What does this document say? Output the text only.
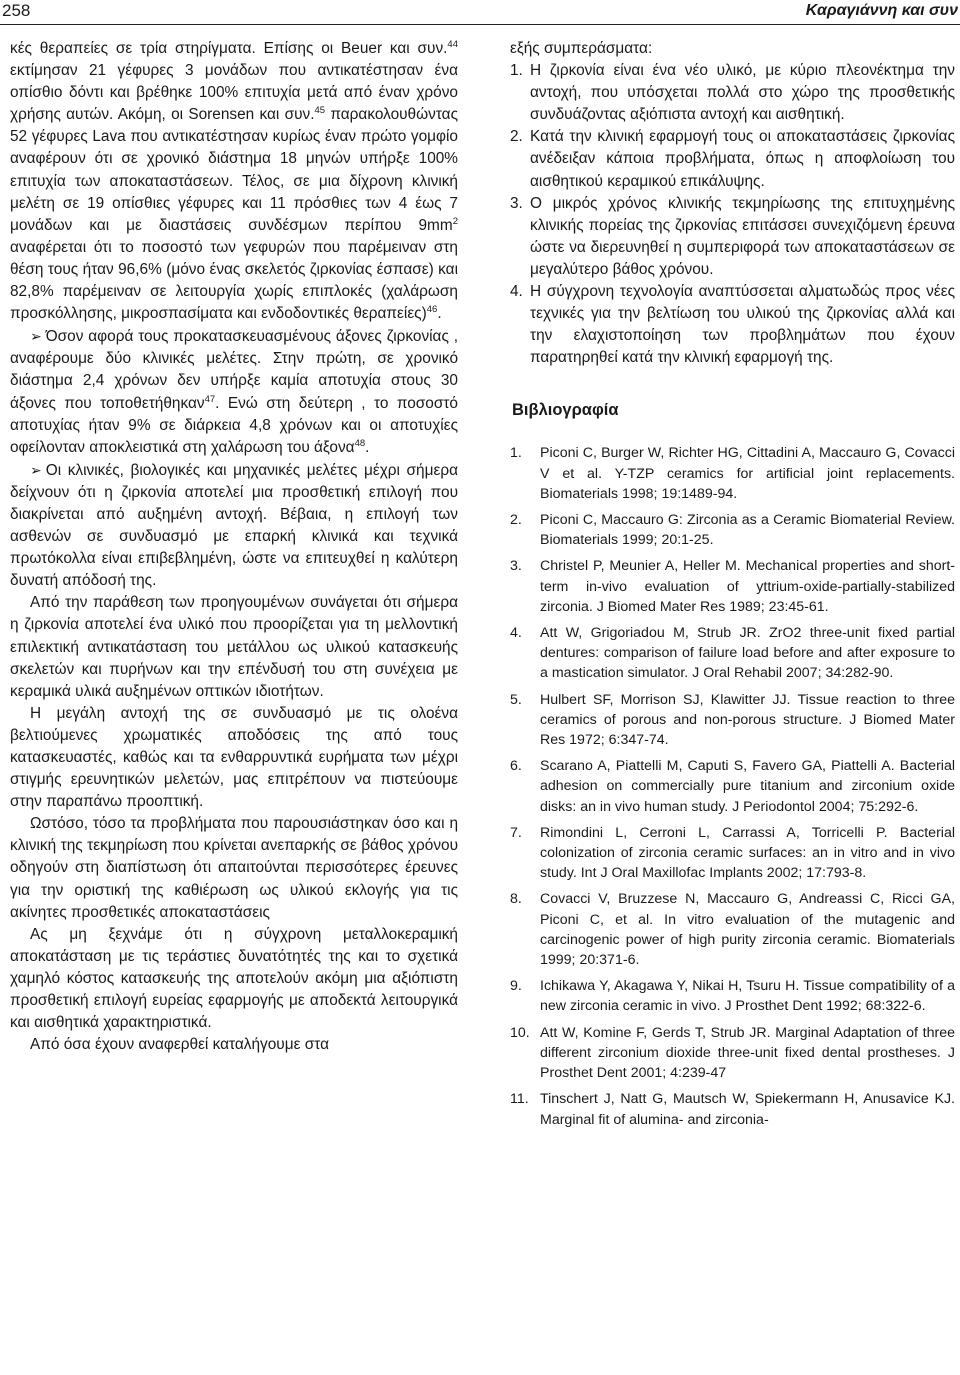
258	Καραγιάννη και συν

κές θεραπείες σε τρία στηρίγματα. Επίσης οι Beuer και συν.$^{44}$ εκτίμησαν 21 γέφυρες 3 μονάδων που αντικατέστησαν ένα οπίσθιο δόντι και βρέθηκε 100% επιτυχία μετά από έναν χρόνο χρήσης αυτών. Ακόμη, οι Sorensen και συν.$^{45}$ παρακολουθώντας 52 γέφυρες Lava που αντικατέστησαν κυρίως έναν πρώτο γομφίο αναφέρουν ότι σε χρονικό διάστημα 18 μηνών υπήρξε 100% επιτυχία των αποκαταστάσεων. Τέλος, σε μια δίχρονη κλινική μελέτη σε 19 οπίσθιες γέφυρες και 11 πρόσθιες των 4 έως 7 μονάδων και με διαστάσεις συνδέσμων περίπου $9mm^2$ αναφέρεται ότι το ποσοστό των γεφυρών που παρέμειναν στη θέση τους ήταν 96,6% (μόνο ένας σκελετός ζιρκονίας έσπασε) και 82,8% παρέμειναν σε λειτουργία χωρίς επιπλοκές (χαλάρωση προσκόλλησης, μικροσπασίματα και ενδοδοντικές θεραπείες)$^{46}$.

➢ Όσον αφορά τους προκατασκευασμένους άξονες ζιρκονίας , αναφέρουμε δύο κλινικές μελέτες. Στην πρώτη, σε χρονικό διάστημα 2,4 χρόνων δεν υπήρξε καμία αποτυχία στους 30 άξονες που τοποθετήθηκαν$^{47}$. Ενώ στη δεύτερη , το ποσοστό αποτυχίας ήταν 9% σε διάρκεια 4,8 χρόνων και οι αποτυχίες οφείλονταν αποκλειστικά στη χαλάρωση του άξονα$^{48}$.

➢ Οι κλινικές, βιολογικές και μηχανικές μελέτες μέχρι σήμερα δείχνουν ότι η ζιρκονία αποτελεί μια προσθετική επιλογή που διακρίνεται από αυξημένη αντοχή. Βέβαια, η επιλογή των ασθενών σε συνδυασμό με επαρκή κλινικά και τεχνικά πρωτόκολλα είναι επιβεβλημένη, ώστε να επιτευχθεί η καλύτερη δυνατή απόδοσή της.

Από την παράθεση των προηγουμένων συνάγεται ότι σήμερα η ζιρκονία αποτελεί ένα υλικό που προορίζεται για τη μελλοντική επιλεκτική αντικατάσταση του μετάλλου ως υλικού κατασκευής σκελετών και πυρήνων και την επένδυσή του στη συνέχεια με κεραμικά υλικά αυξημένων οπτικών ιδιοτήτων.

Η μεγάλη αντοχή της σε συνδυασμό με τις ολοένα βελτιούμενες χρωματικές αποδόσεις της από τους κατασκευαστές, καθώς και τα ενθαρρυντικά ευρήματα των μέχρι στιγμής ερευνητικών μελετών, μας επιτρέπουν να πιστεύουμε στην παραπάνω προοπτική.

Ωστόσο, τόσο τα προβλήματα που παρουσιάστηκαν όσο και η κλινική της τεκμηρίωση που κρίνεται ανεπαρκής σε βάθος χρόνου οδηγούν στη διαπίστωση ότι απαιτούνται περισσότερες έρευνες για την οριστική της καθιέρωση ως υλικού εκλογής για τις ακίνητες προσθετικές αποκαταστάσεις

Ας μη ξεχνάμε ότι η σύγχρονη μεταλλοκεραμική αποκατάσταση με τις τεράστιες δυνατότητές της και το σχετικά χαμηλό κόστος κατασκευής της αποτελούν ακόμη μια αξιόπιστη προσθετική επιλογή ευρείας εφαρμογής με αποδεκτά λειτουργικά και αισθητικά χαρακτηριστικά.

Από όσα έχουν αναφερθεί καταλήγουμε στα

εξής συμπεράσματα:

1. Η ζιρκονία είναι ένα νέο υλικό, με κύριο πλεονέκτημα την αντοχή, που υπόσχεται πολλά στο χώρο της προσθετικής συνδυάζοντας αξιόπιστα αντοχή και αισθητική.
2. Κατά την κλινική εφαρμογή τους οι αποκαταστάσεις ζιρκονίας ανέδειξαν κάποια προβλήματα, όπως η αποφλοίωση του αισθητικού κεραμικού επικάλυψης.
3. Ο μικρός χρόνος κλινικής τεκμηρίωσης της επιτυχημένης κλινικής πορείας της ζιρκονίας επιτάσσει συνεχιζόμενη έρευνα ώστε να διερευνηθεί η συμπεριφορά των αποκαταστάσεων σε μεγαλύτερο βάθος χρόνου.
4. Η σύγχρονη τεχνολογία αναπτύσσεται αλματωδώς προς νέες τεχνικές για την βελτίωση του υλικού της ζιρκονίας αλλά και την ελαχιστοποίηση των προβλημάτων που έχουν παρατηρηθεί κατά την κλινική εφαρμογή της.
Βιβλιογραφία
1. Piconi C, Burger W, Richter HG, Cittadini A, Maccauro G, Covacci V et al. Y-TZP ceramics for artificial joint replacements. Biomaterials 1998; 19:1489-94.
2. Piconi C, Maccauro G: Zirconia as a Ceramic Biomaterial Review. Biomaterials 1999; 20:1-25.
3. Christel P, Meunier A, Heller M. Mechanical properties and short-term in-vivo evaluation of yttrium-oxide-partially-stabilized zirconia. J Biomed Mater Res 1989; 23:45-61.
4. Att W, Grigoriadou M, Strub JR. ZrO2 three-unit fixed partial dentures: comparison of failure load before and after exposure to a mastication simulator. J Oral Rehabil 2007; 34:282-90.
5. Hulbert SF, Morrison SJ, Klawitter JJ. Tissue reaction to three ceramics of porous and non-porous structure. J Biomed Mater Res 1972; 6:347-74.
6. Scarano A, Piattelli M, Caputi S, Favero GA, Piattelli A. Bacterial adhesion on commercially pure titanium and zirconium oxide disks: an in vivo human study. J Periodontol 2004; 75:292-6.
7. Rimondini L, Cerroni L, Carrassi A, Torricelli P. Bacterial colonization of zirconia ceramic surfaces: an in vitro and in vivo study. Int J Oral Maxillofac Implants 2002; 17:793-8.
8. Covacci V, Bruzzese N, Maccauro G, Andreassi C, Ricci GA, Piconi C, et al. In vitro evaluation of the mutagenic and carcinogenic power of high purity zirconia ceramic. Biomaterials 1999; 20:371-6.
9. Ichikawa Y, Akagawa Y, Nikai H, Tsuru H. Tissue compatibility of a new zirconia ceramic in vivo. J Prosthet Dent 1992; 68:322-6.
10. Att W, Komine F, Gerds T, Strub JR. Marginal Adaptation of three different zirconium dioxide three-unit fixed dental prostheses. J Prosthet Dent 2001; 4:239-47
11. Tinschert J, Natt G, Mautsch W, Spiekermann H, Anusavice KJ. Marginal fit of alumina- and zirconia-
